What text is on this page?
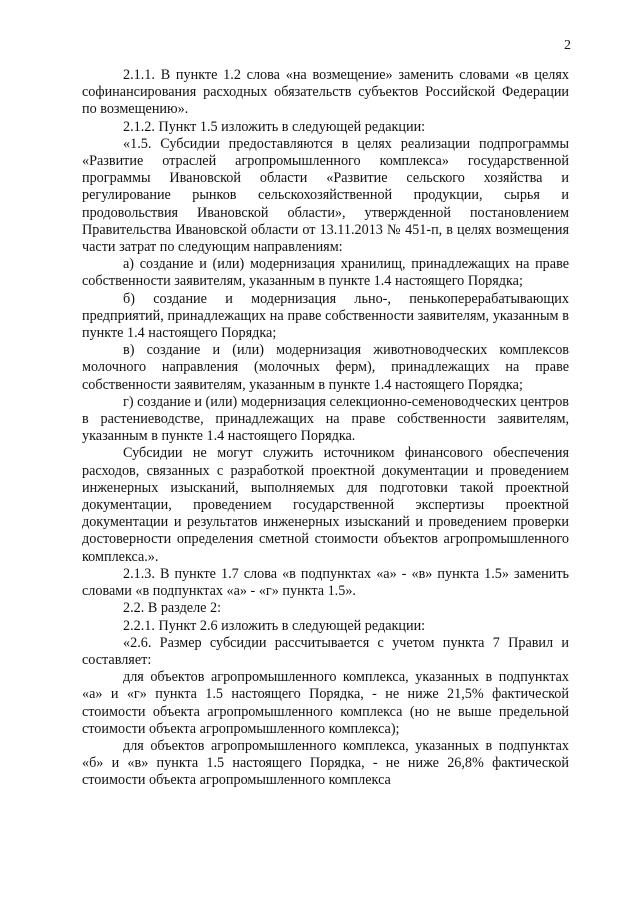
2

2.1.1. В пункте 1.2 слова «на возмещение» заменить словами «в целях софинансирования расходных обязательств субъектов Российской Федерации по возмещению».

2.1.2. Пункт 1.5 изложить в следующей редакции:

«1.5. Субсидии предоставляются в целях реализации подпрограммы «Развитие отраслей агропромышленного комплекса» государственной программы Ивановской области «Развитие сельского хозяйства и регулирование рынков сельскохозяйственной продукции, сырья и продовольствия Ивановской области», утвержденной постановлением Правительства Ивановской области от 13.11.2013 № 451-п, в целях возмещения части затрат по следующим направлениям:

а) создание и (или) модернизация хранилищ, принадлежащих на праве собственности заявителям, указанным в пункте 1.4 настоящего Порядка;

б) создание и модернизация льно-, пенькоперерабатывающих предприятий, принадлежащих на праве собственности заявителям, указанным в пункте 1.4 настоящего Порядка;

в) создание и (или) модернизация животноводческих комплексов молочного направления (молочных ферм), принадлежащих на праве собственности заявителям, указанным в пункте 1.4 настоящего Порядка;

г) создание и (или) модернизация селекционно-семеноводческих центров в растениеводстве, принадлежащих на праве собственности заявителям, указанным в пункте 1.4 настоящего Порядка.

Субсидии не могут служить источником финансового обеспечения расходов, связанных с разработкой проектной документации и проведением инженерных изысканий, выполняемых для подготовки такой проектной документации, проведением государственной экспертизы проектной документации и результатов инженерных изысканий и проведением проверки достоверности определения сметной стоимости объектов агропромышленного комплекса.».

2.1.3. В пункте 1.7 слова «в подпунктах «а» - «в» пункта 1.5» заменить словами «в подпунктах «а» - «г» пункта 1.5».

2.2. В разделе 2:

2.2.1. Пункт 2.6 изложить в следующей редакции:

«2.6. Размер субсидии рассчитывается с учетом пункта 7 Правил и составляет:

для объектов агропромышленного комплекса, указанных в подпунктах «а» и «г» пункта 1.5 настоящего Порядка, - не ниже 21,5% фактической стоимости объекта агропромышленного комплекса (но не выше предельной стоимости объекта агропромышленного комплекса);

для объектов агропромышленного комплекса, указанных в подпунктах «б» и «в» пункта 1.5 настоящего Порядка, - не ниже 26,8% фактической стоимости объекта агропромышленного комплекса
